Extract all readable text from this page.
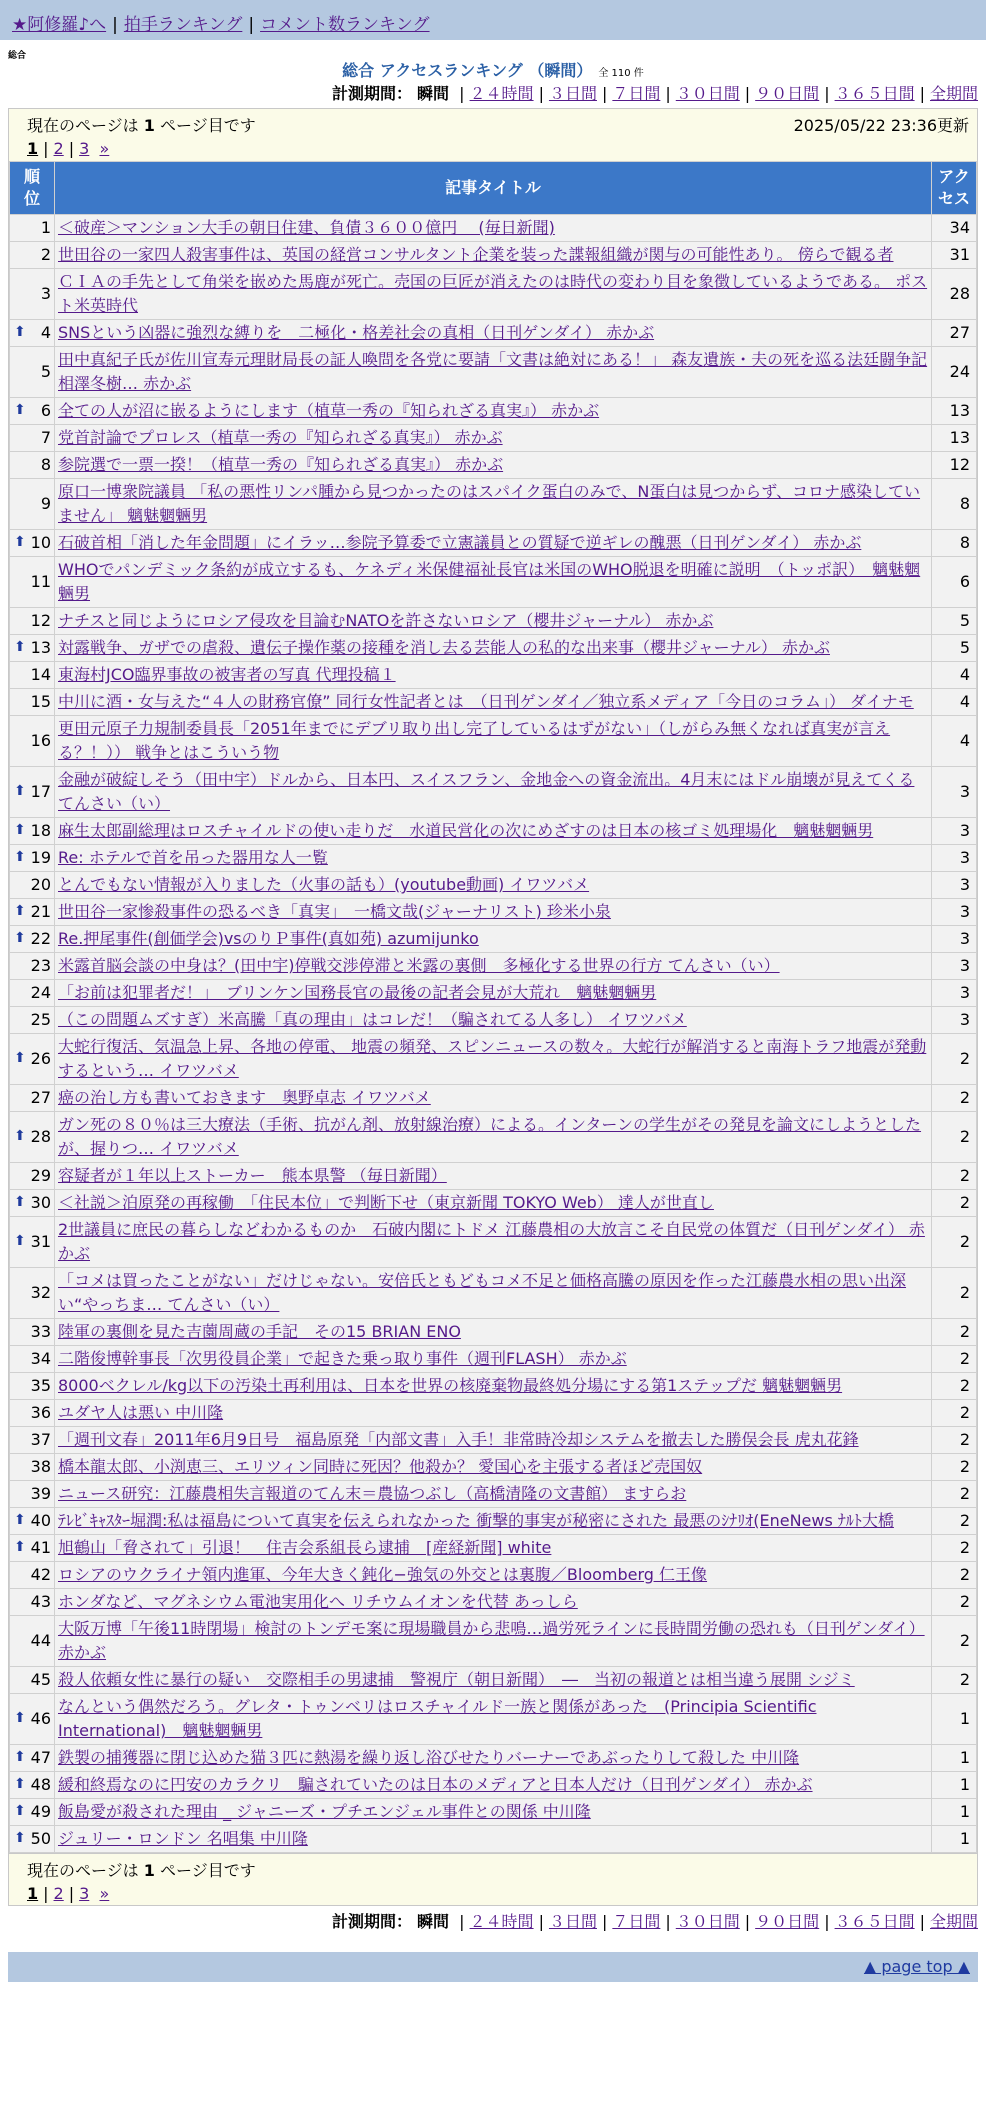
★阿修羅♪へ | 拍手ランキング | コメント数ランキング
総合
総合 アクセスランキング （瞬間） 全 110 件
計測期間： 瞬間 | ２４時間 | ３日間 | ７日間 | ３０日間 | ９０日間 | ３６５日間 | 全期間
現在のページは 1 ページ目です	2025/05/22 23:36更新
1 | 2 | 3 »
順位	記事タイトル	アクセス
1	＜破産＞マンション大手の朝日住建、負債３６００億円 　(毎日新聞)	34
2	世田谷の一家四人殺害事件は、英国の経営コンサルタント企業を装った諜報組織が関与の可能性あり。 傍らで観る者	31
3	ＣＩＡの手先として角栄を嵌めた馬鹿が死亡。売国の巨匠が消えたのは時代の変わり目を象徴しているようである。 ポスト米英時代	28

⬆ 4	SNSという凶器に強烈な縛りを　二極化・格差社会の真相（日刊ゲンダイ） 赤かぶ	27
5	田中真紀子氏が佐川宣寿元理財局長の証人喚問を各党に要請「文書は絶対にある！」 森友遺族・夫の死を巡る法廷闘争記 相澤冬樹… 赤かぶ	24

⬆ 6	全ての人が沼に嵌るようにします（植草一秀の『知られざる真実』） 赤かぶ	13
7	党首討論でプロレス（植草一秀の『知られざる真実』） 赤かぶ	13
8	参院選で一票一揆！（植草一秀の『知られざる真実』） 赤かぶ	12
9	原口一博衆院議員 「私の悪性リンパ腫から見つかったのはスパイク蛋白のみで、N蛋白は見つからず、コロナ感染していません」 魑魅魍魎男	8

⬆ 10	石破首相「消した年金問題」にイラッ…参院予算委で立憲議員との質疑で逆ギレの醜悪（日刊ゲンダイ） 赤かぶ	8
11	WHOでパンデミック条約が成立するも、ケネディ米保健福祉長官は米国のWHO脱退を明確に説明　（トッポ訳）　魑魅魍魎男	6
12	ナチスと同じようにロシア侵攻を目論むNATOを許さないロシア（櫻井ジャーナル） 赤かぶ	5

⬆ 13	対露戦争、ガザでの虐殺、遺伝子操作薬の接種を消し去る芸能人の私的な出来事（櫻井ジャーナル） 赤かぶ	5
14	東海村JCO臨界事故の被害者の写真 代理投稿１	4
15	中川に酒・女与えた“４人の財務官僚” 同行女性記者とは　（日刊ゲンダイ／独立系メディア「今日のコラム」） ダイナモ	4
16	更田元原子力規制委員長「2051年までにデブリ取り出し完了しているはずがない」（しがらみ無くなれば真実が言える？！）） 戦争とはこういう物	4

⬆ 17	金融が破綻しそう（田中宇）ドルから、日本円、スイスフラン、金地金への資金流出。4月末にはドル崩壊が見えてくる てんさい（い）	3

⬆ 18	麻生太郎副総理はロスチャイルドの使い走りだ　水道民営化の次にめざすのは日本の核ゴミ処理場化　魑魅魍魎男	3

⬆ 19	Re: ホテルで首を吊った器用な人一覧	3
20	とんでもない情報が入りました（火事の話も）(youtube動画) イワツバメ	3

⬆ 21	世田谷一家惨殺事件の恐るべき「真実」　一橋文哉(ジャーナリスト) 珍米小泉	3

⬆ 22	Re.押尾事件(創価学会)vsのりＰ事件(真如苑) azumijunko	3
23	米露首脳会談の中身は？(田中宇)停戦交渉停滞と米露の裏側　多極化する世界の行方 てんさい（い）	3
24	「お前は犯罪者だ！」　ブリンケン国務長官の最後の記者会見が大荒れ　魑魅魍魎男	3
25	（この問題ムズすぎ）米高騰「真の理由」はコレだ！（騙されてる人多し） イワツバメ	3

⬆ 26	大蛇行復活、気温急上昇、各地の停電、 地震の頻発、スピンニュースの数々。大蛇行が解消すると南海トラフ地震が発動するという… イワツバメ	2
27	癌の治し方も書いておきます　奥野卓志 イワツバメ	2

⬆ 28	ガン死の８０％は三大療法（手術、抗がん剤、放射線治療）による。インターンの学生がその発見を論文にしようとしたが、握りつ… イワツバメ	2
29	容疑者が１年以上ストーカー　熊本県警 （毎日新聞）	2

⬆ 30	＜社説＞泊原発の再稼働　「住民本位」で判断下せ（東京新聞 TOKYO Web） 達人が世直し	2

⬆ 31	2世議員に庶民の暮らしなどわかるものか　石破内閣にトドメ 江藤農相の大放言こそ自民党の体質だ（日刊ゲンダイ） 赤かぶ	2
32	「コメは買ったことがない」だけじゃない。安倍氏ともどもコメ不足と価格高騰の原因を作った江藤農水相の思い出深い“やっちま… てんさい（い）	2
33	陸軍の裏側を見た吉薗周蔵の手記　その15 BRIAN ENO	2
34	二階俊博幹事長「次男役員企業」で起きた乗っ取り事件（週刊FLASH） 赤かぶ	2
35	8000ベクレル/kg以下の汚染土再利用は、日本を世界の核廃棄物最終処分場にする第1ステップだ 魑魅魍魎男	2
36	ユダヤ人は悪い 中川隆	2
37	「週刊文春」2011年6月9日号　福島原発「内部文書」入手！非常時冷却システムを撤去した勝俣会長 虎丸花鋒	2
38	橋本龍太郎、小渕恵三、エリツィン同時に死因？他殺か？ 愛国心を主張する者ほど売国奴	2
39	ニュース研究：江藤農相失言報道のてん末＝農協つぶし（高橋清隆の文書館） ますらお	2

⬆ 40	ﾃﾚﾋﾞｷｬｽﾀｰ堀潤:私は福島について真実を伝えられなかった 衝撃的事実が秘密にされた 最悪のｼﾅﾘｵ(EneNews ﾅﾙﾄ大橋	2

⬆ 41	旭鶴山「脅されて」引退！　住吉会系組長ら逮捕　[産経新聞] white	2
42	ロシアのウクライナ領内進軍、今年大きく鈍化−強気の外交とは裏腹／Bloomberg 仁王像	2
43	ホンダなど、マグネシウム電池実用化へ リチウムイオンを代替 あっしら	2
44	大阪万博「午後11時閉場」検討のトンデモ案に現場職員から悲鳴…過労死ラインに長時間労働の恐れも（日刊ゲンダイ） 赤かぶ	2
45	殺人依頼女性に暴行の疑い　交際相手の男逮捕　警視庁（朝日新聞）　―　当初の報道とは相当違う展開 シジミ	2

⬆ 46	なんという偶然だろう。グレタ・トゥンベリはロスチャイルド一族と関係があった　(Principia Scientific International)　魑魅魍魎男	1

⬆ 47	鉄製の捕獲器に閉じ込めた猫３匹に熱湯を繰り返し浴びせたりバーナーであぶったりして殺した 中川隆	1

⬆ 48	緩和終焉なのに円安のカラクリ　騙されていたのは日本のメディアと日本人だけ（日刊ゲンダイ） 赤かぶ	1

⬆ 49	飯島愛が殺された理由 _ ジャニーズ・プチエンジェル事件との関係 中川隆	1

⬆ 50	ジュリー・ロンドン 名唱集 中川隆	1
現在のページは 1 ページ目です
1 | 2 | 3 »
計測期間： 瞬間 | ２４時間 | ３日間 | ７日間 | ３０日間 | ９０日間 | ３６５日間 | 全期間
▲ page top ▲
